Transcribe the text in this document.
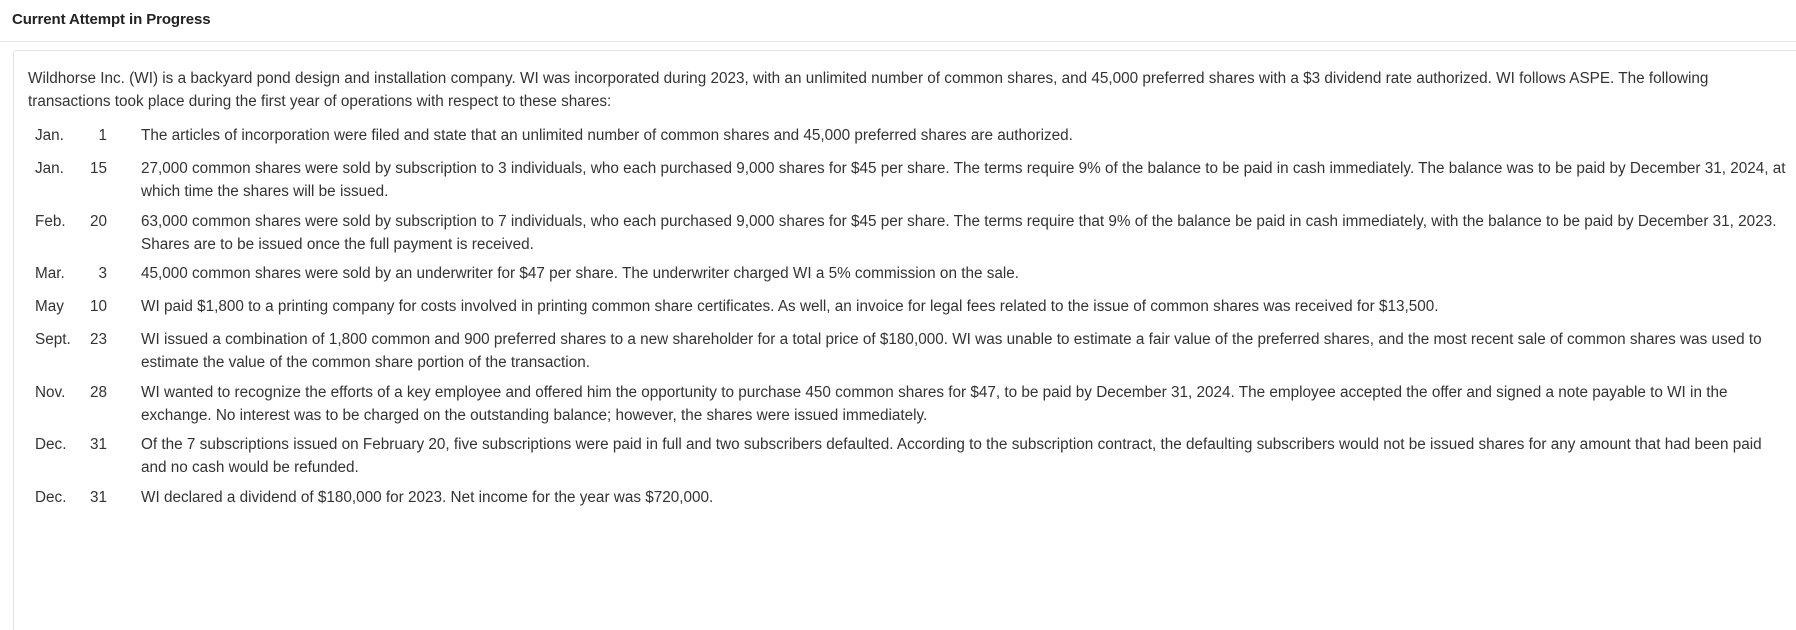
Current Attempt in Progress
Wildhorse Inc. (WI) is a backyard pond design and installation company. WI was incorporated during 2023, with an unlimited number of common shares, and 45,000 preferred shares with a $3 dividend rate authorized. WI follows ASPE. The following transactions took place during the first year of operations with respect to these shares:
Jan.	1 The articles of incorporation were filed and state that an unlimited number of common shares and 45,000 preferred shares are authorized.
Jan.	15 27,000 common shares were sold by subscription to 3 individuals, who each purchased 9,000 shares for $45 per share. The terms require 9% of the balance to be paid in cash immediately. The balance was to be paid by December 31, 2024, at which time the shares will be issued.
Feb.	20 63,000 common shares were sold by subscription to 7 individuals, who each purchased 9,000 shares for $45 per share. The terms require that 9% of the balance be paid in cash immediately, with the balance to be paid by December 31, 2023. Shares are to be issued once the full payment is received.
Mar.	3 45,000 common shares were sold by an underwriter for $47 per share. The underwriter charged WI a 5% commission on the sale.
May	10 WI paid $1,800 to a printing company for costs involved in printing common share certificates. As well, an invoice for legal fees related to the issue of common shares was received for $13,500.
Sept.	23 WI issued a combination of 1,800 common and 900 preferred shares to a new shareholder for a total price of $180,000. WI was unable to estimate a fair value of the preferred shares, and the most recent sale of common shares was used to estimate the value of the common share portion of the transaction.
Nov.	28 WI wanted to recognize the efforts of a key employee and offered him the opportunity to purchase 450 common shares for $47, to be paid by December 31, 2024. The employee accepted the offer and signed a note payable to WI in the exchange. No interest was to be charged on the outstanding balance; however, the shares were issued immediately.
Dec.	31 Of the 7 subscriptions issued on February 20, five subscriptions were paid in full and two subscribers defaulted. According to the subscription contract, the defaulting subscribers would not be issued shares for any amount that had been paid and no cash would be refunded.
Dec.	31 WI declared a dividend of $180,000 for 2023. Net income for the year was $720,000.
